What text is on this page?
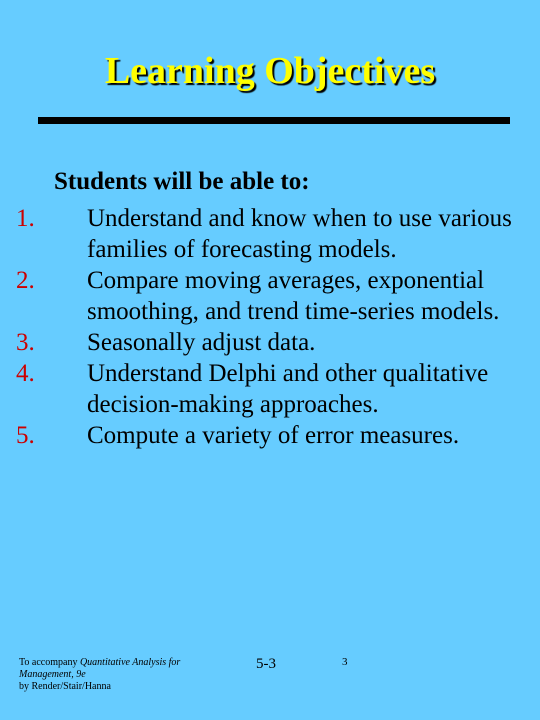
Learning Objectives
Students will be able to:
1. Understand and know when to use various families of forecasting models.
2. Compare moving averages, exponential smoothing, and trend time-series models.
3. Seasonally adjust data.
4. Understand Delphi and other qualitative decision-making approaches.
5. Compute a variety of error measures.
To accompany Quantitative Analysis for Management, 9e
by Render/Stair/Hanna
5-3	3
